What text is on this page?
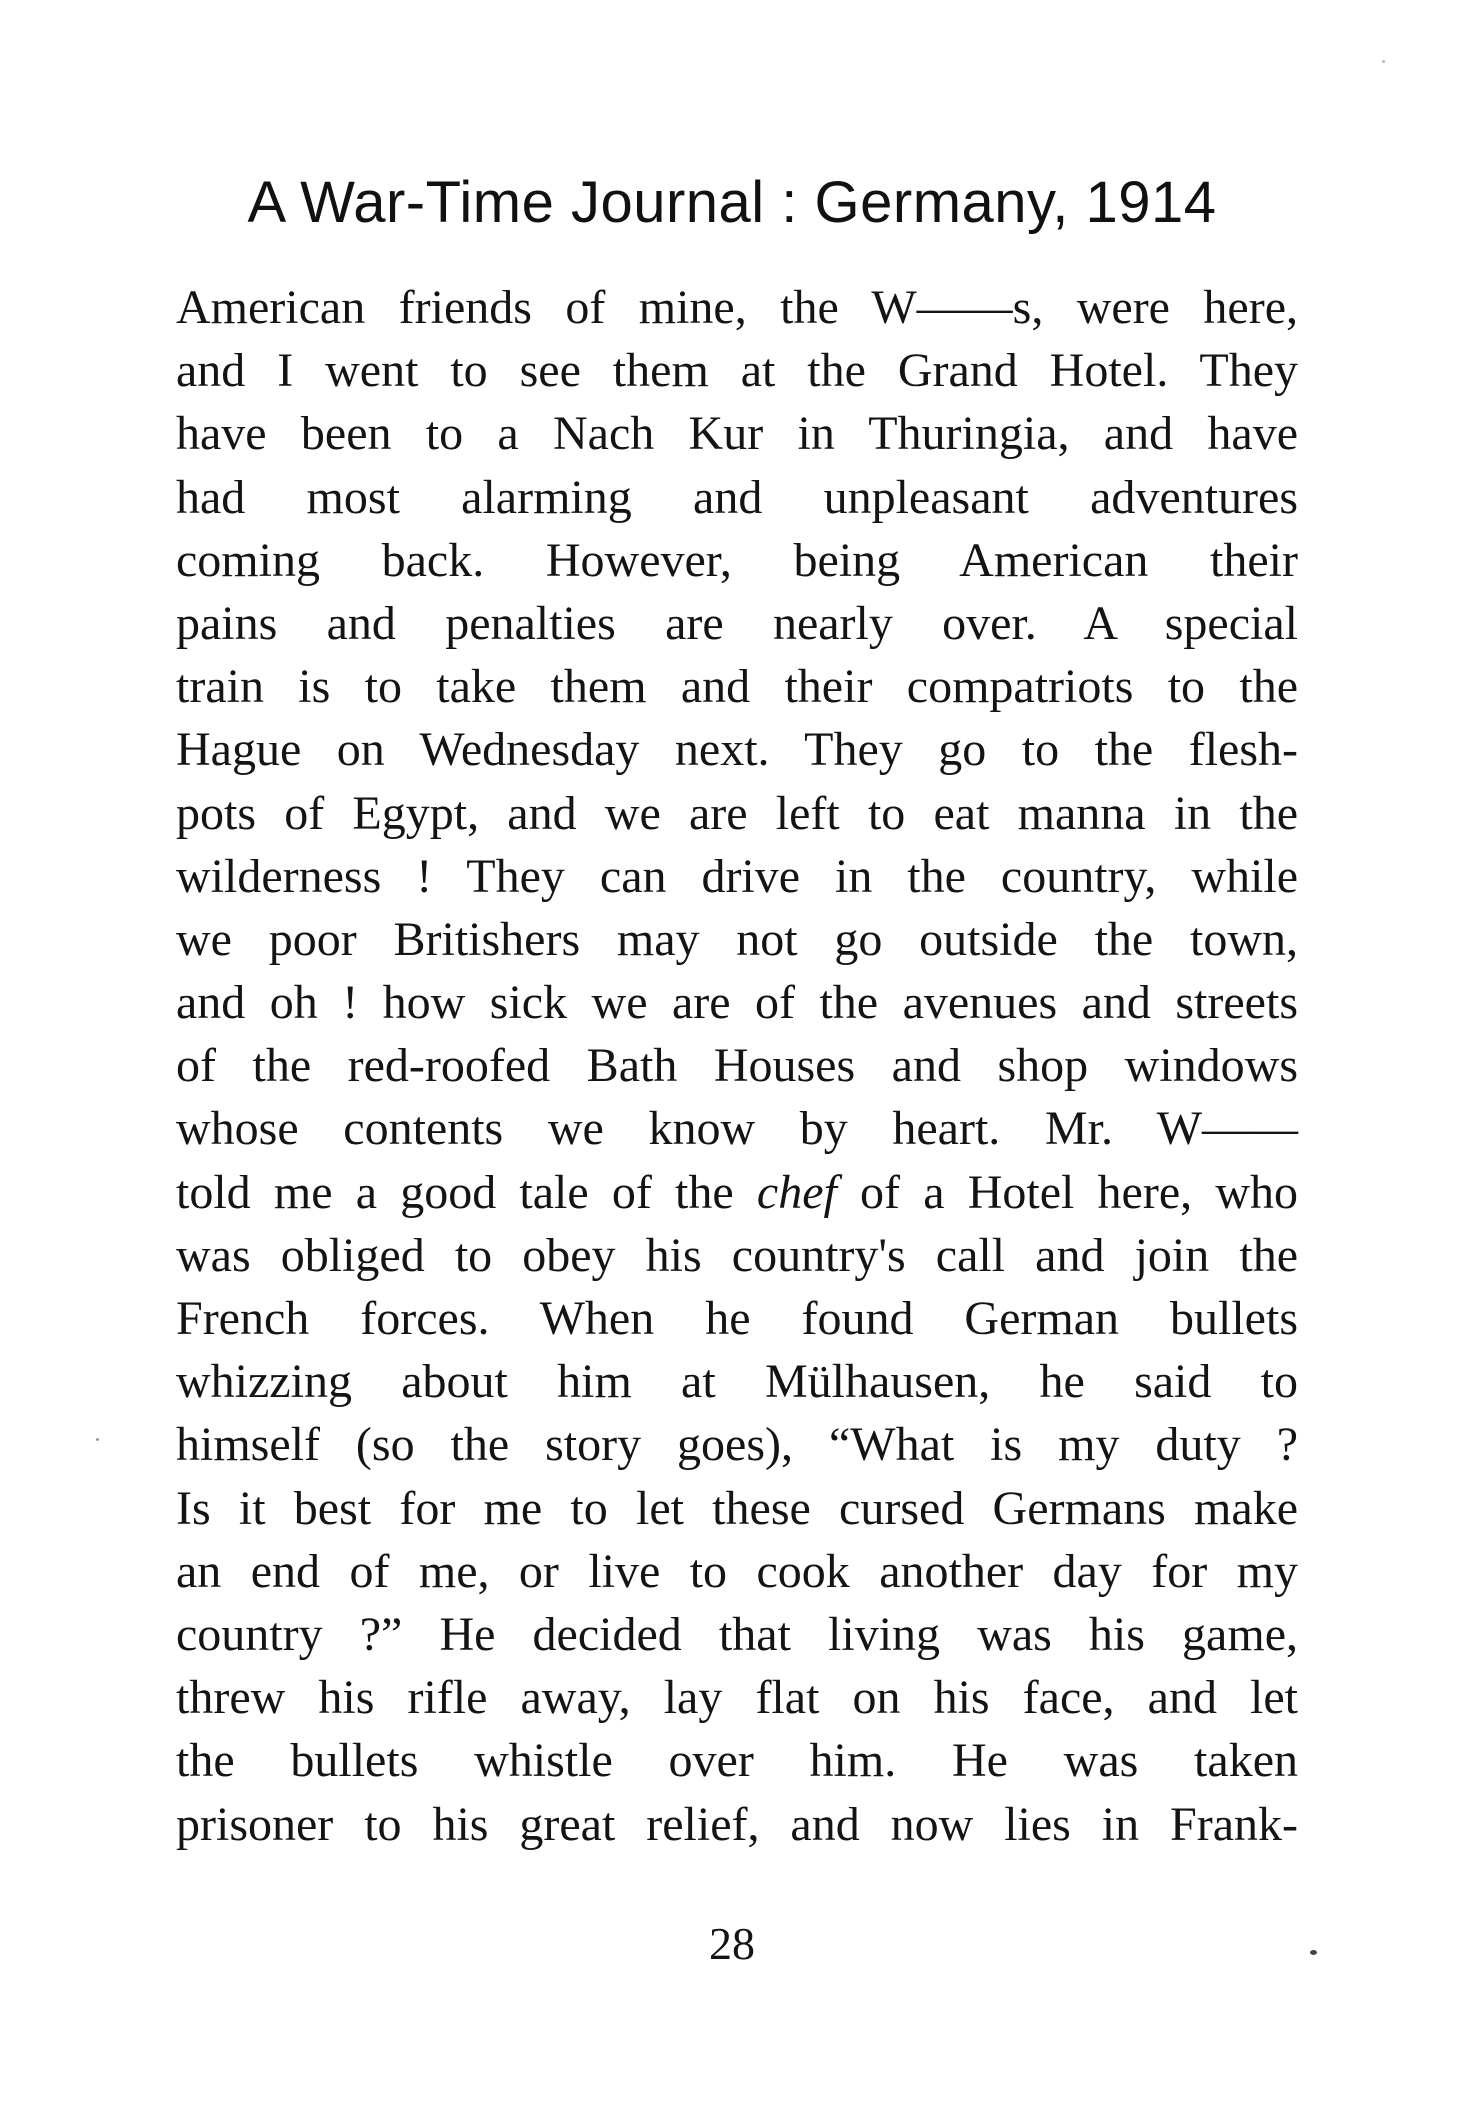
A War-Time Journal : Germany, 1914
American friends of mine, the W——s, were here,
and I went to see them at the Grand Hotel. They
have been to a Nach Kur in Thuringia, and have
had most alarming and unpleasant adventures
coming back. However, being American their
pains and penalties are nearly over. A special
train is to take them and their compatriots to the
Hague on Wednesday next. They go to the flesh-
pots of Egypt, and we are left to eat manna in the
wilderness ! They can drive in the country, while
we poor Britishers may not go outside the town,
and oh ! how sick we are of the avenues and streets
of the red-roofed Bath Houses and shop windows
whose contents we know by heart. Mr. W——
told me a good tale of the chef of a Hotel here, who
was obliged to obey his country's call and join the
French forces. When he found German bullets
whizzing about him at Mülhausen, he said to
himself (so the story goes), “What is my duty ?
Is it best for me to let these cursed Germans make
an end of me, or live to cook another day for my
country ?” He decided that living was his game,
threw his rifle away, lay flat on his face, and let
the bullets whistle over him. He was taken
prisoner to his great relief, and now lies in Frank-
28
